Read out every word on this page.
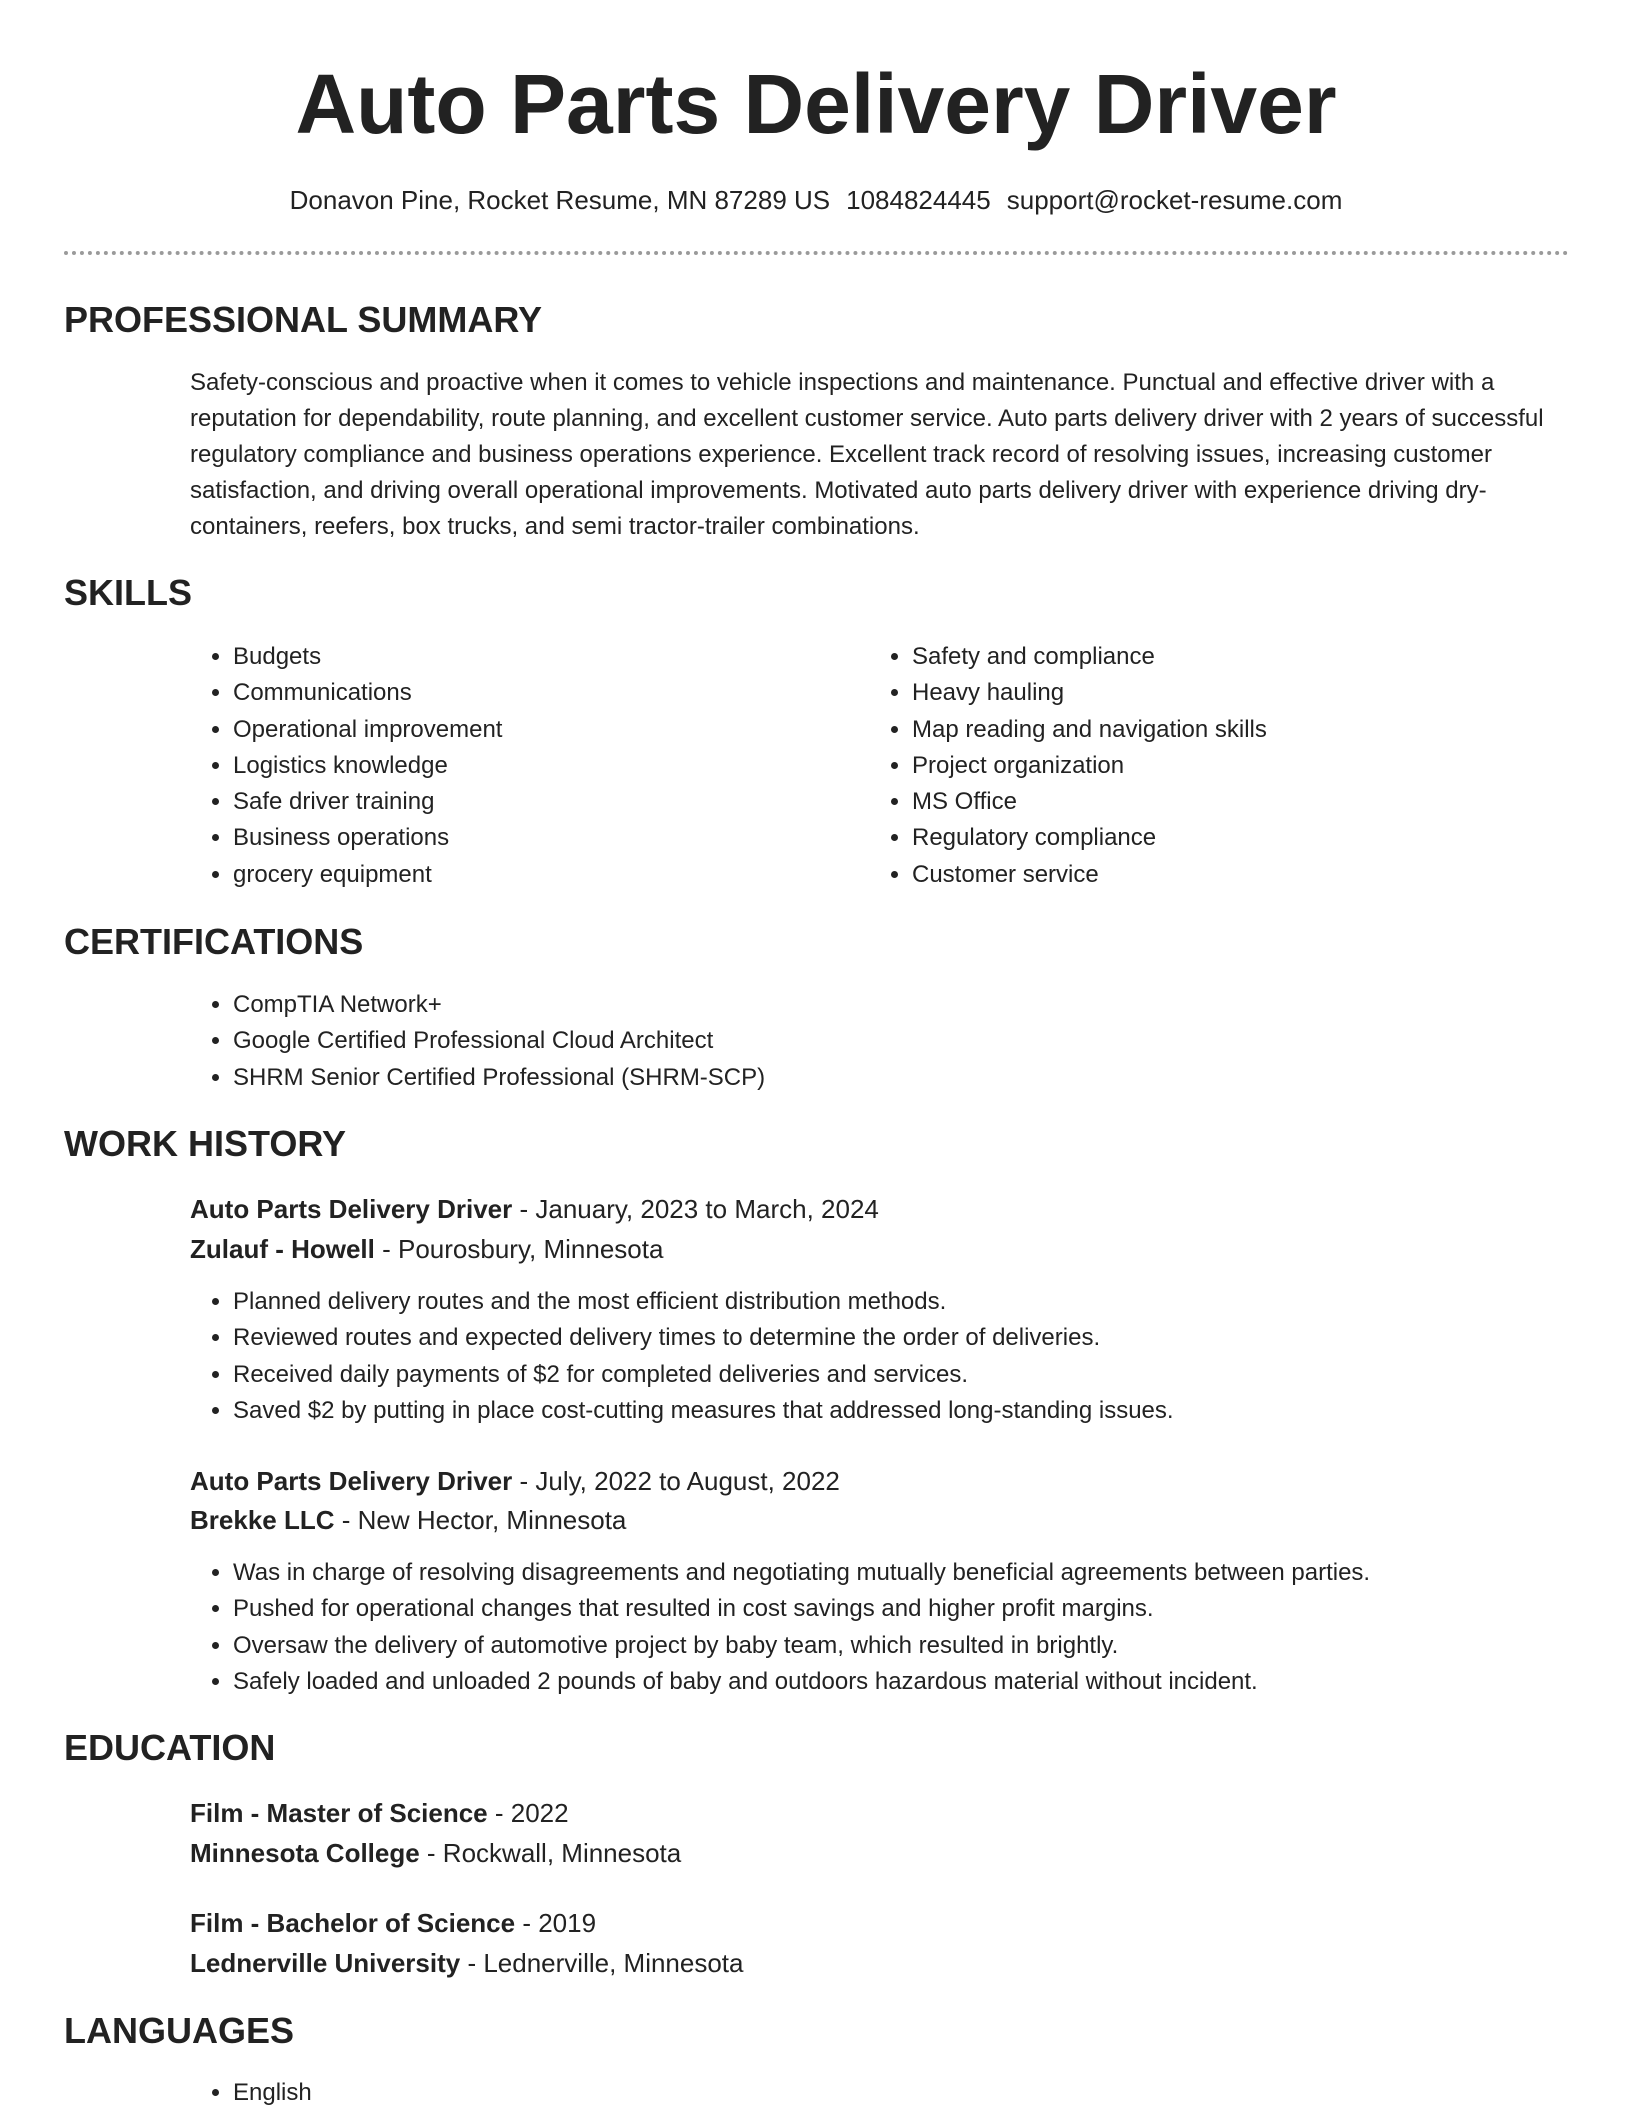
Auto Parts Delivery Driver
Donavon Pine, Rocket Resume, MN 87289 US 1084824445 support@rocket-resume.com
PROFESSIONAL SUMMARY

Safety-conscious and proactive when it comes to vehicle inspections and maintenance. Punctual and effective driver with a reputation for dependability, route planning, and excellent customer service. Auto parts delivery driver with 2 years of successful regulatory compliance and business operations experience. Excellent track record of resolving issues, increasing customer satisfaction, and driving overall operational improvements. Motivated auto parts delivery driver with experience driving dry-containers, reefers, box trucks, and semi tractor-trailer combinations.

SKILLS
• Budgets
• Communications
• Operational improvement
• Logistics knowledge
• Safe driver training
• Business operations
• grocery equipment
• Safety and compliance
• Heavy hauling
• Map reading and navigation skills
• Project organization
• MS Office
• Regulatory compliance
• Customer service
CERTIFICATIONS
• CompTIA Network+
• Google Certified Professional Cloud Architect
• SHRM Senior Certified Professional (SHRM-SCP)
WORK HISTORY
Auto Parts Delivery Driver - January, 2023 to March, 2024
Zulauf - Howell - Pourosbury, Minnesota
• Planned delivery routes and the most efficient distribution methods.
• Reviewed routes and expected delivery times to determine the order of deliveries.
• Received daily payments of $2 for completed deliveries and services.
• Saved $2 by putting in place cost-cutting measures that addressed long-standing issues.
Auto Parts Delivery Driver - July, 2022 to August, 2022
Brekke LLC - New Hector, Minnesota
• Was in charge of resolving disagreements and negotiating mutually beneficial agreements between parties.
• Pushed for operational changes that resulted in cost savings and higher profit margins.
• Oversaw the delivery of automotive project by baby team, which resulted in brightly.
• Safely loaded and unloaded 2 pounds of baby and outdoors hazardous material without incident.
EDUCATION
Film - Master of Science - 2022
Minnesota College - Rockwall, Minnesota
Film - Bachelor of Science - 2019
Lednerville University - Lednerville, Minnesota
LANGUAGES
• English
